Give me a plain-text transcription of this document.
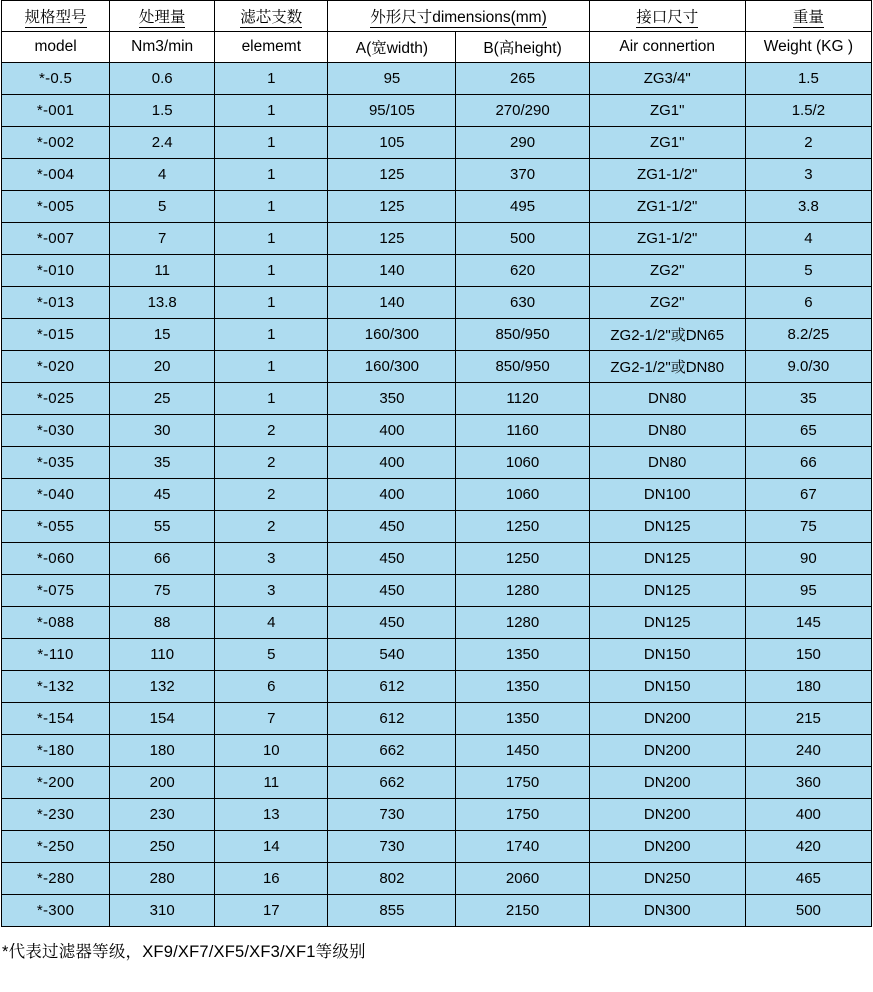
规格型号	处理量	滤芯支数	外形尺寸dimensions(mm)		接口尺寸	重量
model	Nm3/min	elememt	A(宽width)	B(高height)	Air connertion	Weight (KG )
*-0.5	0.6	1	95	265	ZG3/4"	1.5
*-001	1.5	1	95/105	270/290	ZG1"	1.5/2
*-002	2.4	1	105	290	ZG1"	2
*-004	4	1	125	370	ZG1-1/2"	3
*-005	5	1	125	495	ZG1-1/2"	3.8
*-007	7	1	125	500	ZG1-1/2"	4
*-010	11	1	140	620	ZG2"	5
*-013	13.8	1	140	630	ZG2"	6
*-015	15	1	160/300	850/950	ZG2-1/2"或DN65	8.2/25
*-020	20	1	160/300	850/950	ZG2-1/2"或DN80	9.0/30
*-025	25	1	350	1120	DN80	35
*-030	30	2	400	1160	DN80	65
*-035	35	2	400	1060	DN80	66
*-040	45	2	400	1060	DN100	67
*-055	55	2	450	1250	DN125	75
*-060	66	3	450	1250	DN125	90
*-075	75	3	450	1280	DN125	95
*-088	88	4	450	1280	DN125	145
*-110	110	5	540	1350	DN150	150
*-132	132	6	612	1350	DN150	180
*-154	154	7	612	1350	DN200	215
*-180	180	10	662	1450	DN200	240
*-200	200	11	662	1750	DN200	360
*-230	230	13	730	1750	DN200	400
*-250	250	14	730	1740	DN200	420
*-280	280	16	802	2060	DN250	465
*-300	310	17	855	2150	DN300	500
*代表过滤器等级，XF9/XF7/XF5/XF3/XF1等级别
